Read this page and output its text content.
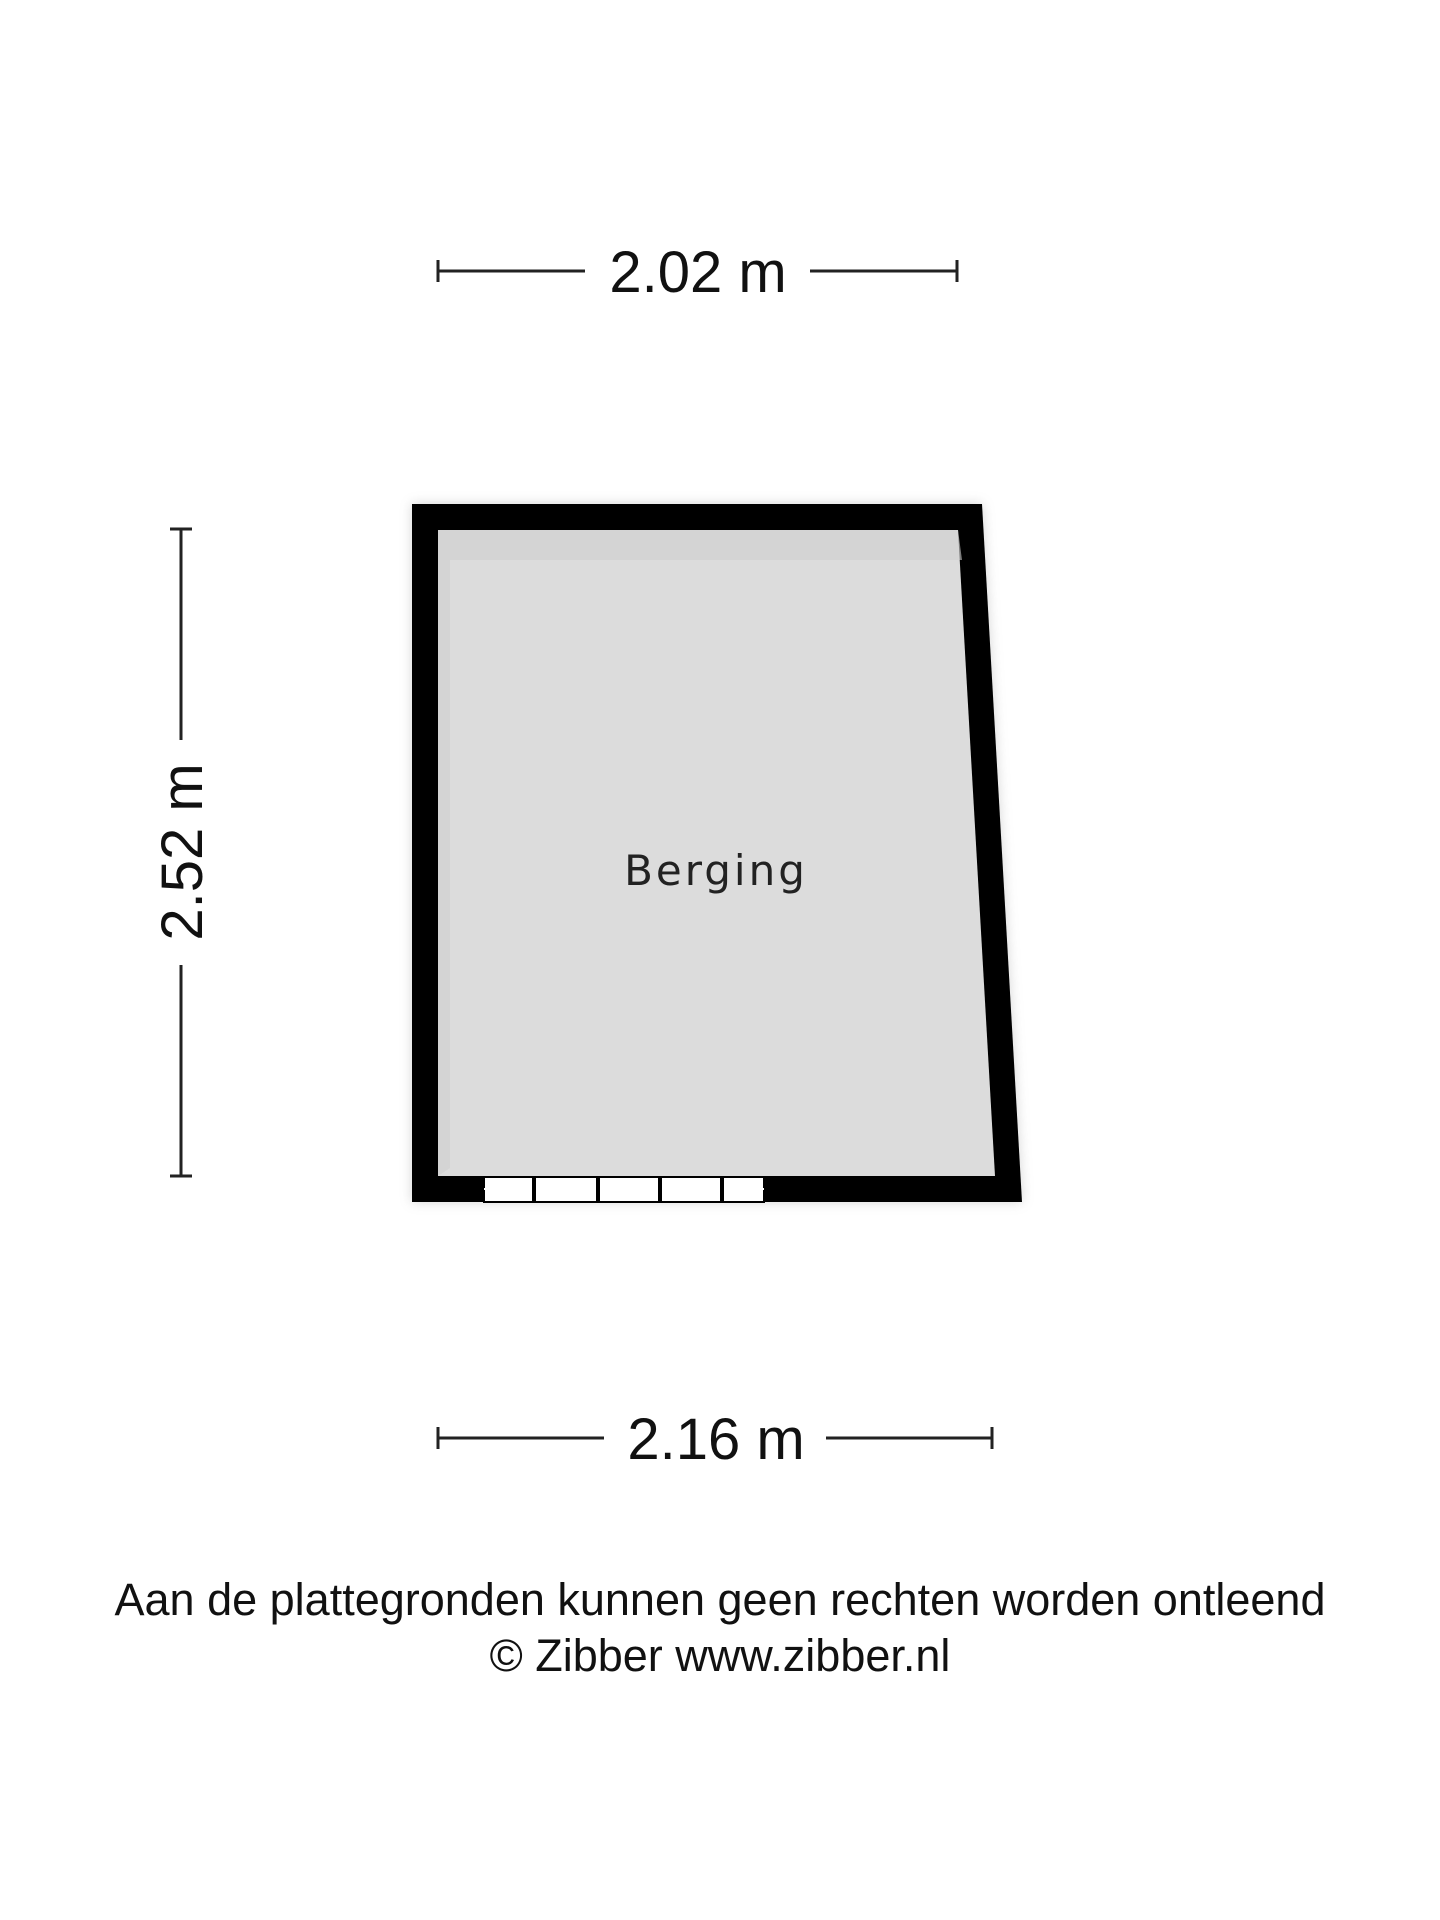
2.02 m
2.52 m	Berging
2.16 m
Aan de plattegronden kunnen geen rechten worden ontleend
© Zibber www.zibber.nl
